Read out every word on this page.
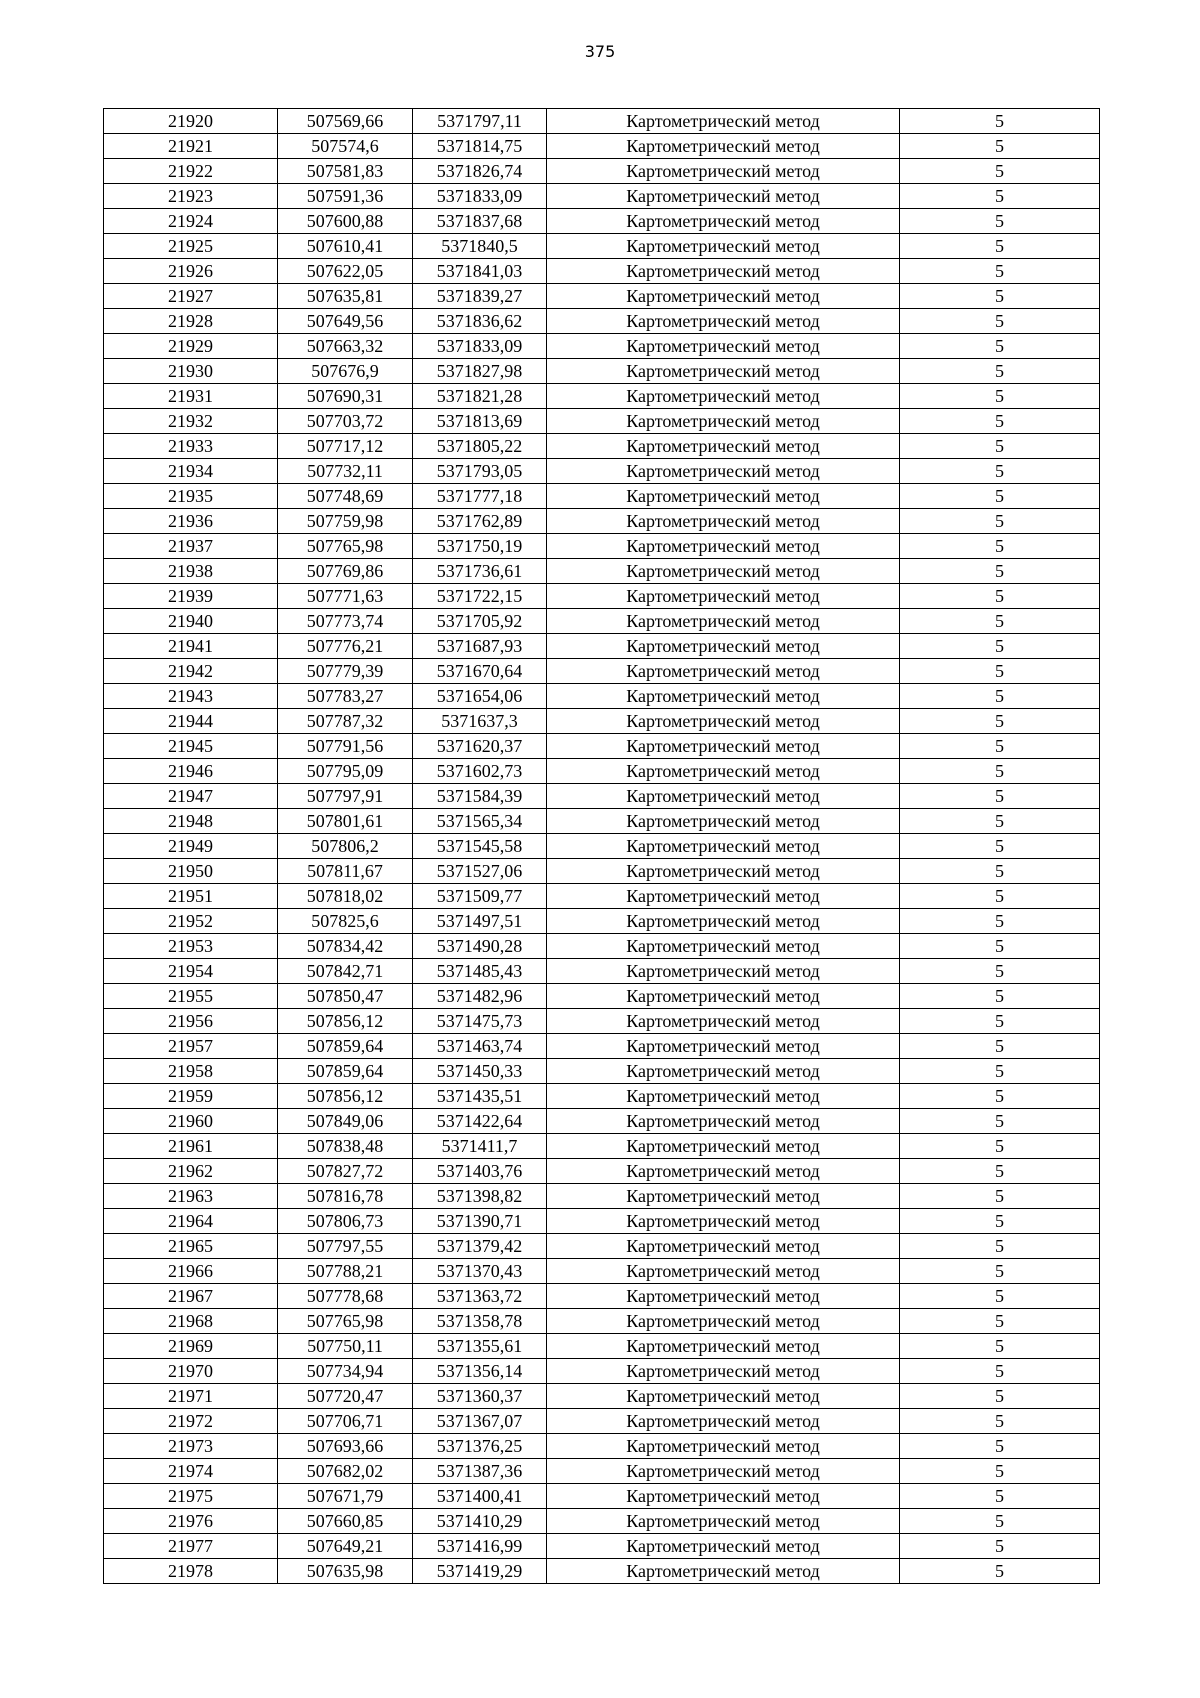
375
21920	507569,66	5371797,11	Картометрический метод	5
21921	507574,6	5371814,75	Картометрический метод	5
21922	507581,83	5371826,74	Картометрический метод	5
21923	507591,36	5371833,09	Картометрический метод	5
21924	507600,88	5371837,68	Картометрический метод	5
21925	507610,41	5371840,5	Картометрический метод	5
21926	507622,05	5371841,03	Картометрический метод	5
21927	507635,81	5371839,27	Картометрический метод	5
21928	507649,56	5371836,62	Картометрический метод	5
21929	507663,32	5371833,09	Картометрический метод	5
21930	507676,9	5371827,98	Картометрический метод	5
21931	507690,31	5371821,28	Картометрический метод	5
21932	507703,72	5371813,69	Картометрический метод	5
21933	507717,12	5371805,22	Картометрический метод	5
21934	507732,11	5371793,05	Картометрический метод	5
21935	507748,69	5371777,18	Картометрический метод	5
21936	507759,98	5371762,89	Картометрический метод	5
21937	507765,98	5371750,19	Картометрический метод	5
21938	507769,86	5371736,61	Картометрический метод	5
21939	507771,63	5371722,15	Картометрический метод	5
21940	507773,74	5371705,92	Картометрический метод	5
21941	507776,21	5371687,93	Картометрический метод	5
21942	507779,39	5371670,64	Картометрический метод	5
21943	507783,27	5371654,06	Картометрический метод	5
21944	507787,32	5371637,3	Картометрический метод	5
21945	507791,56	5371620,37	Картометрический метод	5
21946	507795,09	5371602,73	Картометрический метод	5
21947	507797,91	5371584,39	Картометрический метод	5
21948	507801,61	5371565,34	Картометрический метод	5
21949	507806,2	5371545,58	Картометрический метод	5
21950	507811,67	5371527,06	Картометрический метод	5
21951	507818,02	5371509,77	Картометрический метод	5
21952	507825,6	5371497,51	Картометрический метод	5
21953	507834,42	5371490,28	Картометрический метод	5
21954	507842,71	5371485,43	Картометрический метод	5
21955	507850,47	5371482,96	Картометрический метод	5
21956	507856,12	5371475,73	Картометрический метод	5
21957	507859,64	5371463,74	Картометрический метод	5
21958	507859,64	5371450,33	Картометрический метод	5
21959	507856,12	5371435,51	Картометрический метод	5
21960	507849,06	5371422,64	Картометрический метод	5
21961	507838,48	5371411,7	Картометрический метод	5
21962	507827,72	5371403,76	Картометрический метод	5
21963	507816,78	5371398,82	Картометрический метод	5
21964	507806,73	5371390,71	Картометрический метод	5
21965	507797,55	5371379,42	Картометрический метод	5
21966	507788,21	5371370,43	Картометрический метод	5
21967	507778,68	5371363,72	Картометрический метод	5
21968	507765,98	5371358,78	Картометрический метод	5
21969	507750,11	5371355,61	Картометрический метод	5
21970	507734,94	5371356,14	Картометрический метод	5
21971	507720,47	5371360,37	Картометрический метод	5
21972	507706,71	5371367,07	Картометрический метод	5
21973	507693,66	5371376,25	Картометрический метод	5
21974	507682,02	5371387,36	Картометрический метод	5
21975	507671,79	5371400,41	Картометрический метод	5
21976	507660,85	5371410,29	Картометрический метод	5
21977	507649,21	5371416,99	Картометрический метод	5
21978	507635,98	5371419,29	Картометрический метод	5
